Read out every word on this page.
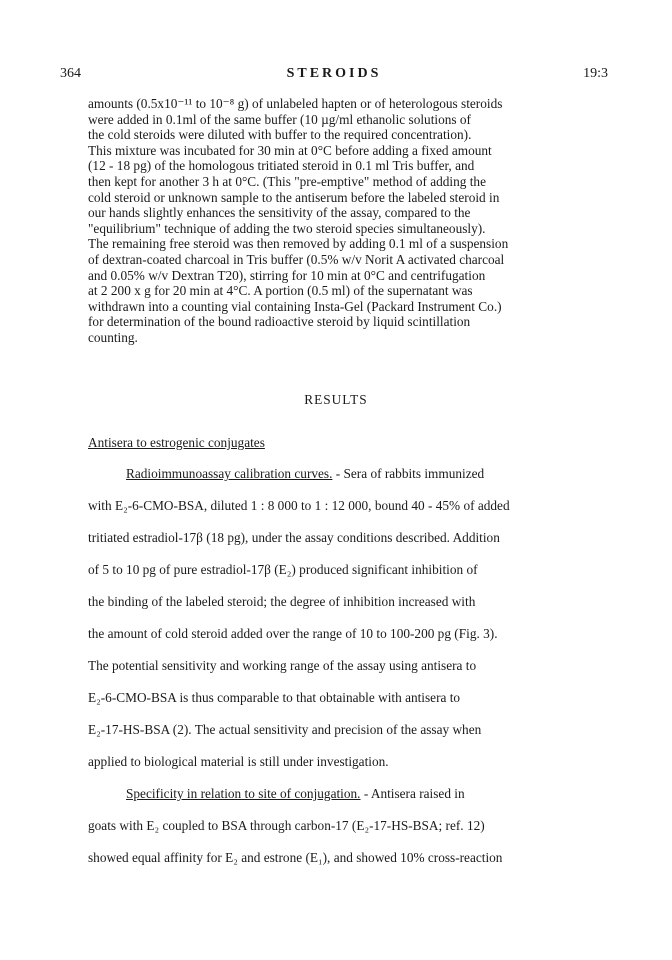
364	STEROIDS	19:3
amounts (0.5x10⁻¹¹ to 10⁻⁸ g) of unlabeled hapten or of heterologous steroids
were added in 0.1ml of the same buffer (10 µg/ml ethanolic solutions of
the cold steroids were diluted with buffer to the required concentration).
This mixture was incubated for 30 min at 0°C before adding a fixed amount
(12 - 18 pg) of the homologous tritiated steroid in 0.1 ml Tris buffer, and
then kept for another 3 h at 0°C. (This "pre-emptive" method of adding the
cold steroid or unknown sample to the antiserum before the labeled steroid in
our hands slightly enhances the sensitivity of the assay, compared to the
"equilibrium" technique of adding the two steroid species simultaneously).
The remaining free steroid was then removed by adding 0.1 ml of a suspension
of dextran-coated charcoal in Tris buffer (0.5% w/v Norit A activated charcoal
and 0.05% w/v Dextran T20), stirring for 10 min at 0°C and centrifugation
at 2 200 x g for 20 min at 4°C. A portion (0.5 ml) of the supernatant was
withdrawn into a counting vial containing Insta-Gel (Packard Instrument Co.)
for determination of the bound radioactive steroid by liquid scintillation
counting.
RESULTS
Antisera to estrogenic conjugates
Radioimmunoassay calibration curves. - Sera of rabbits immunized
with E₂-6-CMO-BSA, diluted 1 : 8 000 to 1 : 12 000, bound 40 - 45% of added
tritiated estradiol-17β (18 pg), under the assay conditions described. Addition
of 5 to 10 pg of pure estradiol-17β (E₂) produced significant inhibition of
the binding of the labeled steroid; the degree of inhibition increased with
the amount of cold steroid added over the range of 10 to 100-200 pg (Fig. 3).
The potential sensitivity and working range of the assay using antisera to
E₂-6-CMO-BSA is thus comparable to that obtainable with antisera to
E₂-17-HS-BSA (2). The actual sensitivity and precision of the assay when
applied to biological material is still under investigation.
Specificity in relation to site of conjugation. - Antisera raised in
goats with E₂ coupled to BSA through carbon-17 (E₂-17-HS-BSA; ref. 12)
showed equal affinity for E₂ and estrone (E₁), and showed 10% cross-reaction
